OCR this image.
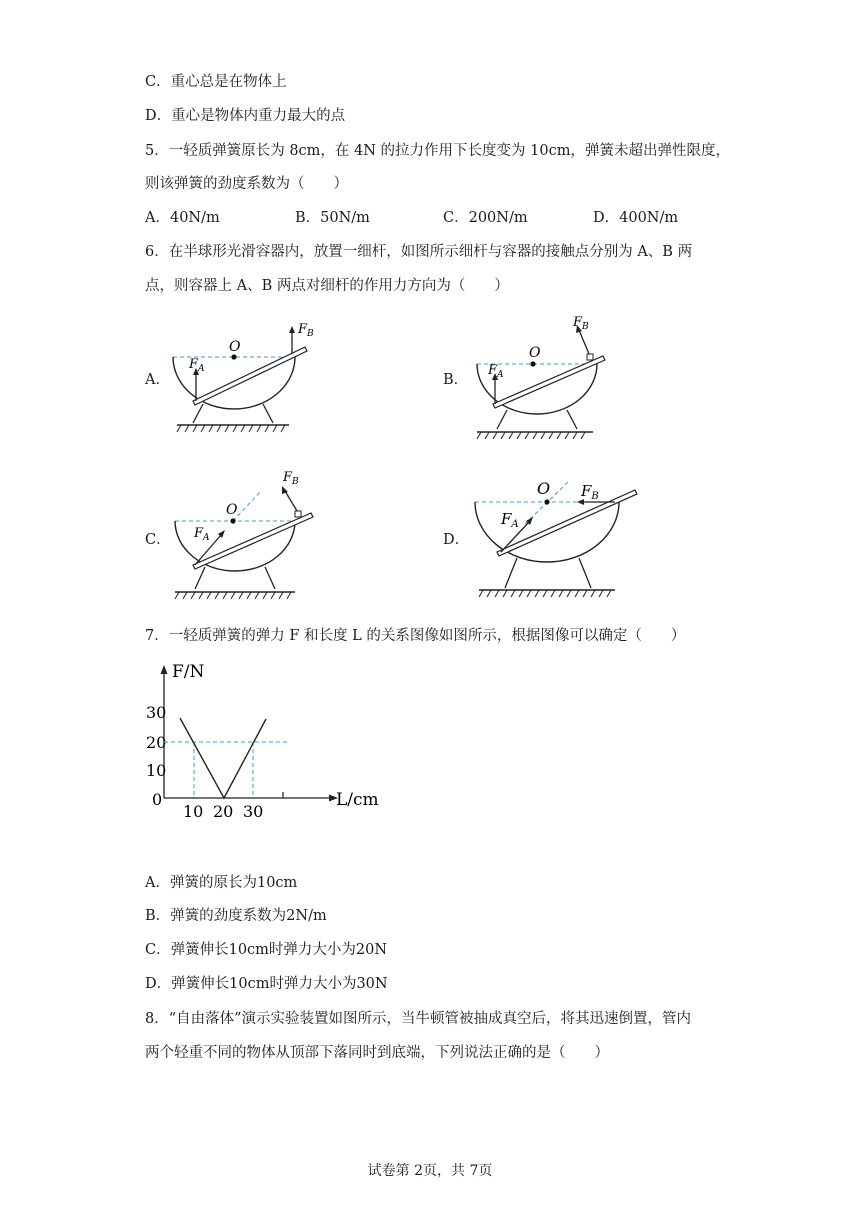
C．重心总是在物体上
D．重心是物体内重力最大的点
5．一轻质弹簧原长为 8cm，在 4N 的拉力作用下长度变为 10cm，弹簧未超出弹性限度，
则该弹簧的劲度系数为（　　）
A．40N/m	B．50N/m	C．200N/m	D．400N/m
6．在半球形光滑容器内，放置一细杆，如图所示细杆与容器的接触点分别为 A、B 两
点，则容器上 A、B 两点对细杆的作用力方向为（　　）
A．	B．
C．	D．
O
$F_A$
$F_B$
O
$F_A$
$F_B$
O
$F_A$
$F_B$	O
$F_A$
$F_B$
7．一轻质弹簧的弹力 F 和长度 L 的关系图像如图所示，根据图像可以确定（　　）
F/N
L/cm
30
20
10
0
10 20 30
A．弹簧的原长为10cm
B．弹簧的劲度系数为2N/m
C．弹簧伸长10cm时弹力大小为20N
D．弹簧伸长10cm时弹力大小为30N
8．“自由落体”演示实验装置如图所示，当牛顿管被抽成真空后，将其迅速倒置，管内
两个轻重不同的物体从顶部下落同时到底端，下列说法正确的是（　　）
试卷第 2页，共 7页
